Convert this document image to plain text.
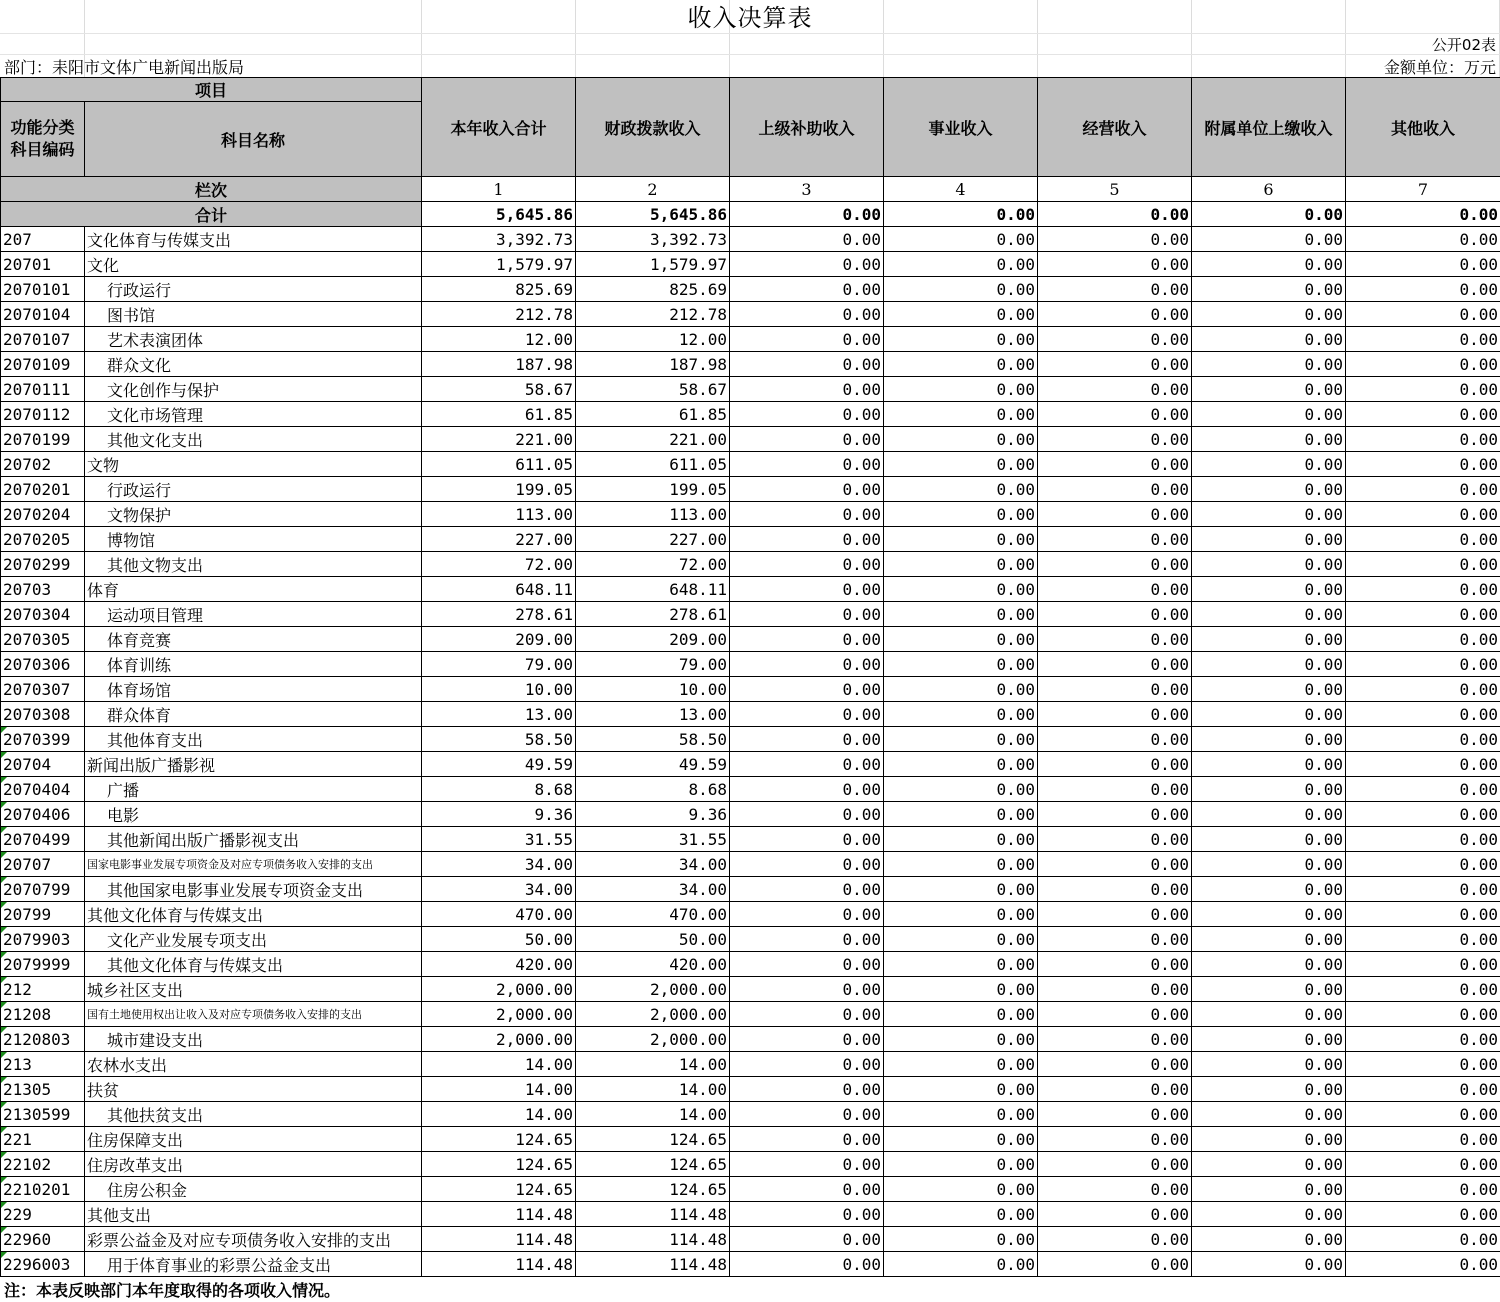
收入决算表
公开02表
部门：耒阳市文体广电新闻出版局	金额单位：万元
项目		本年收入合计	财政拨款收入	上级补助收入	事业收入	经营收入	附属单位上缴收入	其他收入
功能分类科目编码	科目名称							

栏次		1	2	3	4	5	6	7
合计		5,645.86	5,645.86	0.00	0.00	0.00	0.00	0.00
207	文化体育与传媒支出	3,392.73	3,392.73	0.00	0.00	0.00	0.00	0.00
20701	文化	1,579.97	1,579.97	0.00	0.00	0.00	0.00	0.00
2070101	行政运行	825.69	825.69	0.00	0.00	0.00	0.00	0.00
2070104	图书馆	212.78	212.78	0.00	0.00	0.00	0.00	0.00
2070107	艺术表演团体	12.00	12.00	0.00	0.00	0.00	0.00	0.00
2070109	群众文化	187.98	187.98	0.00	0.00	0.00	0.00	0.00
2070111	文化创作与保护	58.67	58.67	0.00	0.00	0.00	0.00	0.00
2070112	文化市场管理	61.85	61.85	0.00	0.00	0.00	0.00	0.00
2070199	其他文化支出	221.00	221.00	0.00	0.00	0.00	0.00	0.00
20702	文物	611.05	611.05	0.00	0.00	0.00	0.00	0.00
2070201	行政运行	199.05	199.05	0.00	0.00	0.00	0.00	0.00
2070204	文物保护	113.00	113.00	0.00	0.00	0.00	0.00	0.00
2070205	博物馆	227.00	227.00	0.00	0.00	0.00	0.00	0.00
2070299	其他文物支出	72.00	72.00	0.00	0.00	0.00	0.00	0.00
20703	体育	648.11	648.11	0.00	0.00	0.00	0.00	0.00
2070304	运动项目管理	278.61	278.61	0.00	0.00	0.00	0.00	0.00
2070305	体育竞赛	209.00	209.00	0.00	0.00	0.00	0.00	0.00
2070306	体育训练	79.00	79.00	0.00	0.00	0.00	0.00	0.00
2070307	体育场馆	10.00	10.00	0.00	0.00	0.00	0.00	0.00
2070308	群众体育	13.00	13.00	0.00	0.00	0.00	0.00	0.00
2070399	其他体育支出	58.50	58.50	0.00	0.00	0.00	0.00	0.00
20704	新闻出版广播影视	49.59	49.59	0.00	0.00	0.00	0.00	0.00
2070404	广播	8.68	8.68	0.00	0.00	0.00	0.00	0.00
2070406	电影	9.36	9.36	0.00	0.00	0.00	0.00	0.00
2070499	其他新闻出版广播影视支出	31.55	31.55	0.00	0.00	0.00	0.00	0.00
20707	国家电影事业发展专项资金及对应专项债务收入安排的支出	34.00	34.00	0.00	0.00	0.00	0.00	0.00
2070799	其他国家电影事业发展专项资金支出	34.00	34.00	0.00	0.00	0.00	0.00	0.00
20799	其他文化体育与传媒支出	470.00	470.00	0.00	0.00	0.00	0.00	0.00
2079903	文化产业发展专项支出	50.00	50.00	0.00	0.00	0.00	0.00	0.00
2079999	其他文化体育与传媒支出	420.00	420.00	0.00	0.00	0.00	0.00	0.00
212	城乡社区支出	2,000.00	2,000.00	0.00	0.00	0.00	0.00	0.00
21208	国有土地使用权出让收入及对应专项债务收入安排的支出	2,000.00	2,000.00	0.00	0.00	0.00	0.00	0.00
2120803	城市建设支出	2,000.00	2,000.00	0.00	0.00	0.00	0.00	0.00
213	农林水支出	14.00	14.00	0.00	0.00	0.00	0.00	0.00
21305	扶贫	14.00	14.00	0.00	0.00	0.00	0.00	0.00
2130599	其他扶贫支出	14.00	14.00	0.00	0.00	0.00	0.00	0.00
221	住房保障支出	124.65	124.65	0.00	0.00	0.00	0.00	0.00
22102	住房改革支出	124.65	124.65	0.00	0.00	0.00	0.00	0.00
2210201	住房公积金	124.65	124.65	0.00	0.00	0.00	0.00	0.00
229	其他支出	114.48	114.48	0.00	0.00	0.00	0.00	0.00
22960	彩票公益金及对应专项债务收入安排的支出	114.48	114.48	0.00	0.00	0.00	0.00	0.00
2296003	用于体育事业的彩票公益金支出	114.48	114.48	0.00	0.00	0.00	0.00	0.00
注：本表反映部门本年度取得的各项收入情况。
